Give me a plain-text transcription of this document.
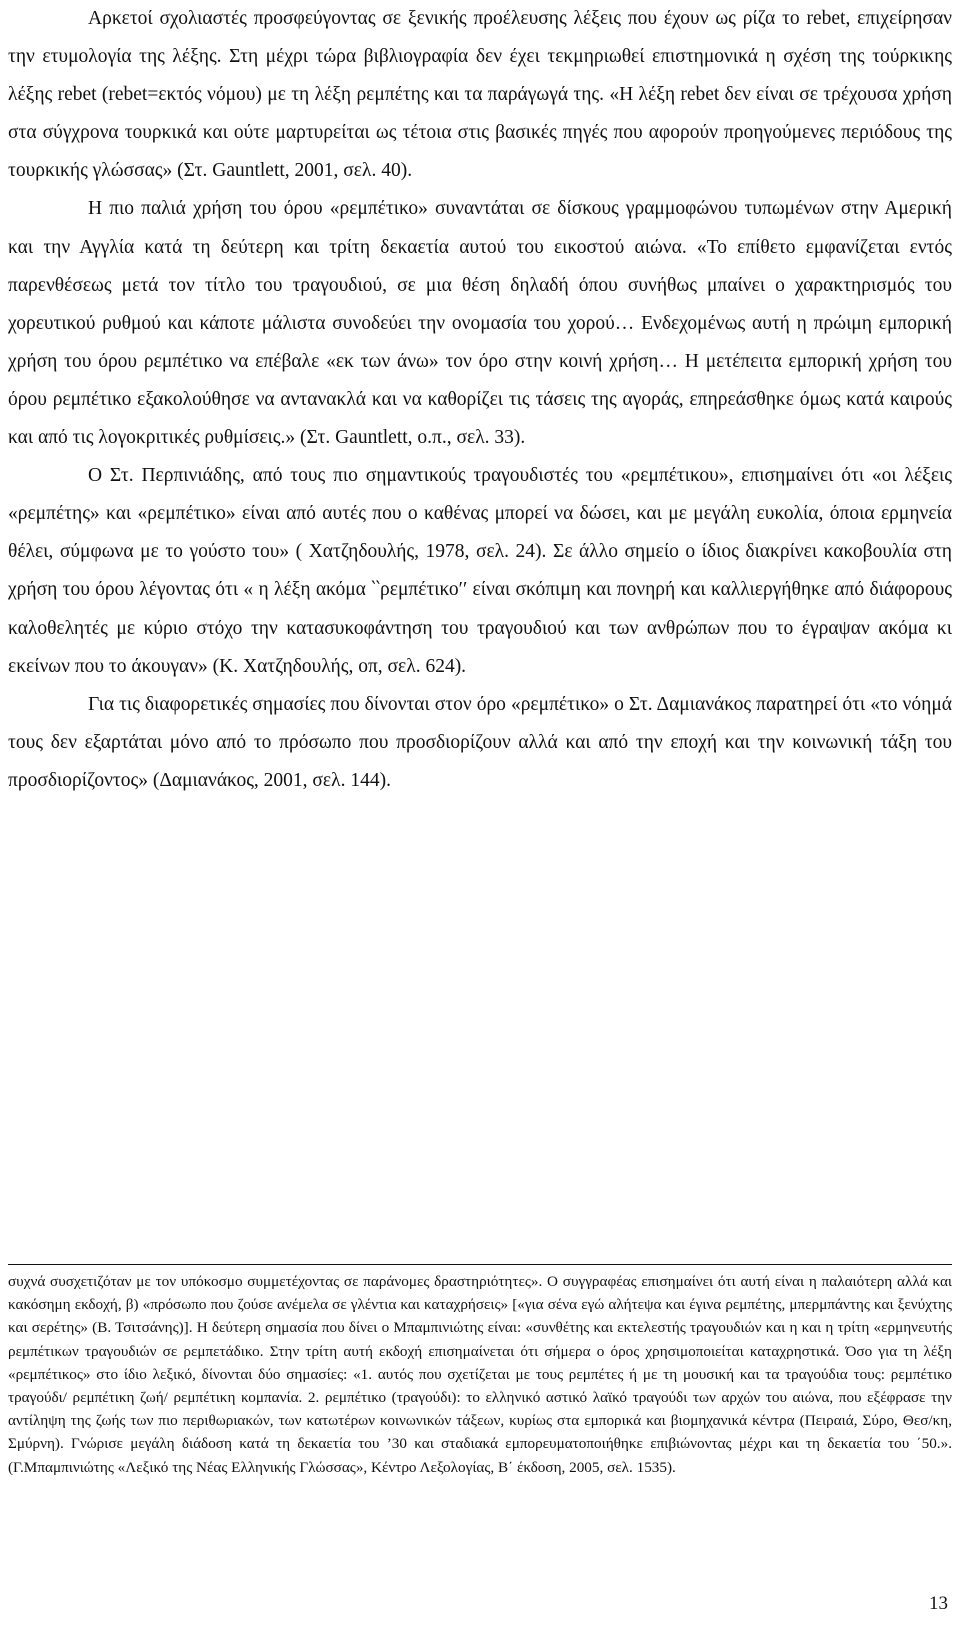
Αρκετοί σχολιαστές προσφεύγοντας σε ξενικής προέλευσης λέξεις που έχουν ως ρίζα το rebet, επιχείρησαν την ετυμολογία της λέξης. Στη μέχρι τώρα βιβλιογραφία δεν έχει τεκμηριωθεί επιστημονικά η σχέση της τούρκικης λέξης rebet (rebet=εκτός νόμου) με τη λέξη ρεμπέτης και τα παράγωγά της. «Η λέξη rebet δεν είναι σε τρέχουσα χρήση στα σύγχρονα τουρκικά και ούτε μαρτυρείται ως τέτοια στις βασικές πηγές που αφορούν προηγούμενες περιόδους της τουρκικής γλώσσας» (Στ. Gauntlett, 2001, σελ. 40).

Η πιο παλιά χρήση του όρου «ρεμπέτικο» συναντάται σε δίσκους γραμμοφώνου τυπωμένων στην Αμερική και την Αγγλία κατά τη δεύτερη και τρίτη δεκαετία αυτού του εικοστού αιώνα. «Το επίθετο εμφανίζεται εντός παρενθέσεως μετά τον τίτλο του τραγουδιού, σε μια θέση δηλαδή όπου συνήθως μπαίνει ο χαρακτηρισμός του χορευτικού ρυθμού και κάποτε μάλιστα συνοδεύει την ονομασία του χορού… Ενδεχομένως αυτή η πρώιμη εμπορική χρήση του όρου ρεμπέτικο να επέβαλε «εκ των άνω» τον όρο στην κοινή χρήση… Η μετέπειτα εμπορική χρήση του όρου ρεμπέτικο εξακολούθησε να αντανακλά και να καθορίζει τις τάσεις της αγοράς, επηρεάσθηκε όμως κατά καιρούς και από τις λογοκριτικές ρυθμίσεις.» (Στ. Gauntlett, ο.π., σελ. 33).

Ο Στ. Περπινιάδης, από τους πιο σημαντικούς τραγουδιστές του «ρεμπέτικου», επισημαίνει ότι «οι λέξεις «ρεμπέτης» και «ρεμπέτικο» είναι από αυτές που ο καθένας μπορεί να δώσει, και με μεγάλη ευκολία, όποια ερμηνεία θέλει, σύμφωνα με το γούστο του» ( Χατζηδουλής, 1978, σελ. 24). Σε άλλο σημείο ο ίδιος διακρίνει κακοβουλία στη χρήση του όρου λέγοντας ότι « η λέξη ακόμα ‵‵ρεμπέτικο′′ είναι σκόπιμη και πονηρή και καλλιεργήθηκε από διάφορους καλοθελητές με κύριο στόχο την κατασυκοφάντηση του τραγουδιού και των ανθρώπων που το έγραψαν ακόμα κι εκείνων που το άκουγαν» (Κ. Χατζηδουλής, οπ, σελ. 624).

Για τις διαφορετικές σημασίες που δίνονται στον όρο «ρεμπέτικο» ο Στ. Δαμιανάκος παρατηρεί ότι «το νόημά τους δεν εξαρτάται μόνο από το πρόσωπο που προσδιορίζουν αλλά και από την εποχή και την κοινωνική τάξη του προσδιορίζοντος» (Δαμιανάκος, 2001, σελ. 144).

συχνά συσχετιζόταν με τον υπόκοσμο συμμετέχοντας σε παράνομες δραστηριότητες». Ο συγγραφέας επισημαίνει ότι αυτή είναι η παλαιότερη αλλά και κακόσημη εκδοχή, β) «πρόσωπο που ζούσε ανέμελα σε γλέντια και καταχρήσεις» [«για σένα εγώ αλήτεψα και έγινα ρεμπέτης, μπερμπάντης και ξενύχτης και σερέτης» (Β. Τσιτσάνης)]. Η δεύτερη σημασία που δίνει ο Μπαμπινιώτης είναι: «συνθέτης και εκτελεστής τραγουδιών και η και η τρίτη «ερμηνευτής ρεμπέτικων τραγουδιών σε ρεμπετάδικο. Στην τρίτη αυτή εκδοχή επισημαίνεται ότι σήμερα ο όρος χρησιμοποιείται καταχρηστικά. Όσο για τη λέξη «ρεμπέτικος» στο ίδιο λεξικό, δίνονται δύο σημασίες: «1. αυτός που σχετίζεται με τους ρεμπέτες ή με τη μουσική και τα τραγούδια τους: ρεμπέτικο τραγούδι/ ρεμπέτικη ζωή/ ρεμπέτικη κομπανία. 2. ρεμπέτικο (τραγούδι): το ελληνικό αστικό λαϊκό τραγούδι των αρχών του αιώνα, που εξέφρασε την αντίληψη της ζωής των πιο περιθωριακών, των κατωτέρων κοινωνικών τάξεων, κυρίως στα εμπορικά και βιομηχανικά κέντρα (Πειραιά, Σύρο, Θεσ/κη, Σμύρνη). Γνώρισε μεγάλη διάδοση κατά τη δεκαετία του ’30 και σταδιακά εμπορευματοποιήθηκε επιβιώνοντας μέχρι και τη δεκαετία του ΄50.». (Γ.Μπαμπινιώτης «Λεξικό της Νέας Ελληνικής Γλώσσας», Κέντρο Λεξολογίας, Β΄ έκδοση, 2005, σελ. 1535).

13
